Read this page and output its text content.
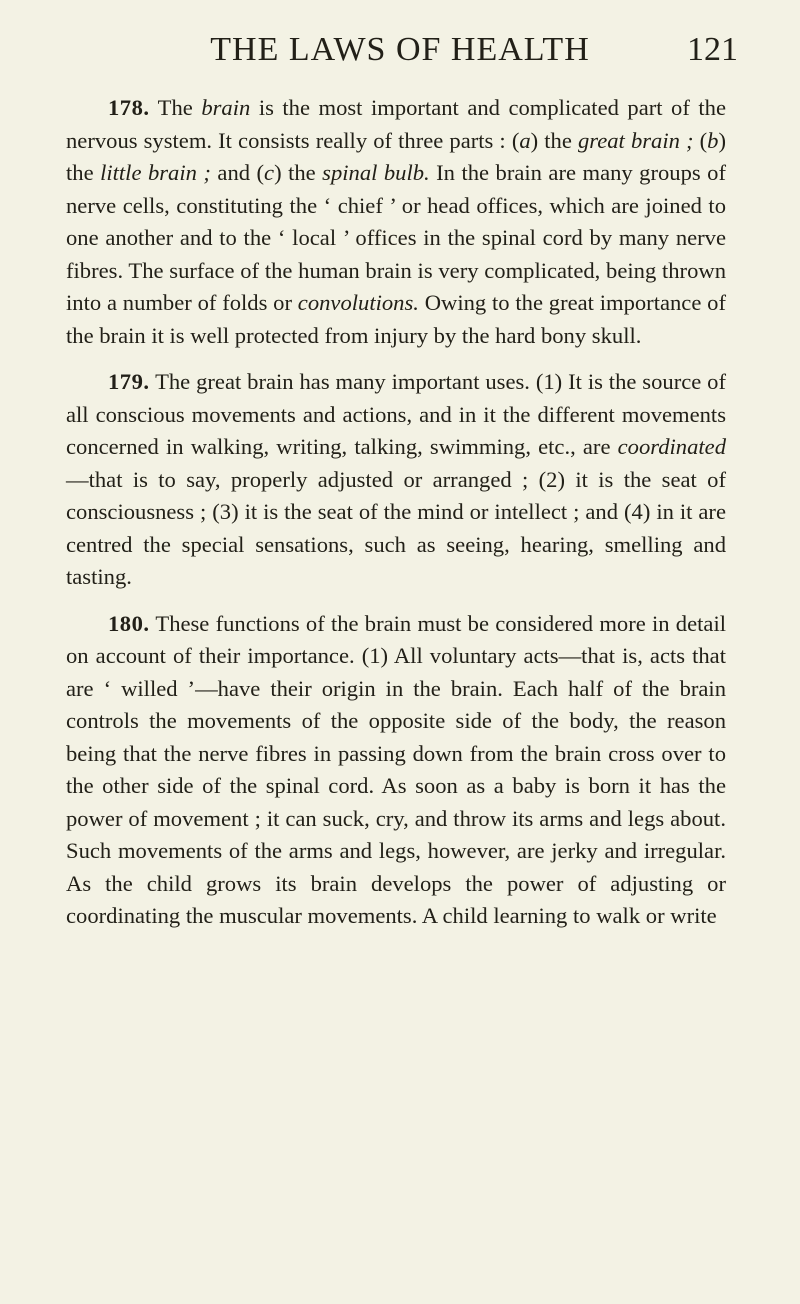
THE LAWS OF HEALTH	121

178. The brain is the most important and complicated part of the nervous system. It consists really of three parts : (a) the great brain ; (b) the little brain ; and (c) the spinal bulb. In the brain are many groups of nerve cells, constituting the ‘ chief ’ or head offices, which are joined to one another and to the ‘ local ’ offices in the spinal cord by many nerve fibres. The surface of the human brain is very complicated, being thrown into a number of folds or convolutions. Owing to the great importance of the brain it is well protected from injury by the hard bony skull.

179. The great brain has many important uses. (1) It is the source of all conscious movements and actions, and in it the different movements concerned in walking, writing, talking, swimming, etc., are coordinated—that is to say, properly adjusted or arranged ; (2) it is the seat of consciousness ; (3) it is the seat of the mind or intellect ; and (4) in it are centred the special sensations, such as seeing, hearing, smelling and tasting.

180. These functions of the brain must be considered more in detail on account of their importance. (1) All voluntary acts—that is, acts that are ‘ willed ’—have their origin in the brain. Each half of the brain controls the movements of the opposite side of the body, the reason being that the nerve fibres in passing down from the brain cross over to the other side of the spinal cord. As soon as a baby is born it has the power of movement ; it can suck, cry, and throw its arms and legs about. Such movements of the arms and legs, however, are jerky and irregular. As the child grows its brain develops the power of adjusting or coordinating the muscular movements. A child learning to walk or write
